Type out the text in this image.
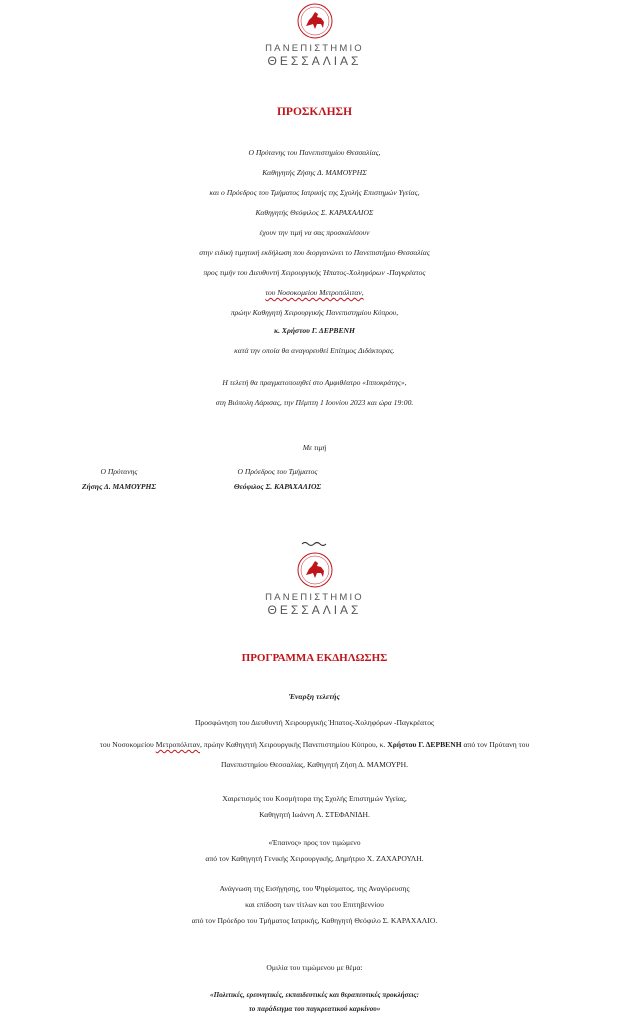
ΠΑΝΕΠΙΣΤΗΜΙΟ
ΘΕΣΣΑΛΙΑΣ
ΠΡΟΣΚΛΗΣΗ
Ο Πρύτανης του Πανεπιστημίου Θεσσαλίας,
Καθηγητής Ζήσης Δ. ΜΑΜΟΥΡΗΣ
και ο Πρόεδρος του Τμήματος Ιατρικής της Σχολής Επιστημών Υγείας,
Καθηγητής Θεόφιλος Σ. ΚΑΡΑΧΑΛΙΟΣ
έχουν την τιμή να σας προσκαλέσουν
στην ειδική τιμητική εκδήλωση που διοργανώνει το Πανεπιστήμιο Θεσσαλίας
προς τιμήν του Διευθυντή Χειρουργικής Ήπατος-Χοληφόρων -Παγκρέατος
του Νοσοκομείου Μετροπόλιταν,
πρώην Καθηγητή Χειρουργικής Πανεπιστημίου Κύπρου,
κ. Χρήστου Γ. ΔΕΡΒΕΝΗ
κατά την οποία θα αναγορευθεί Επίτιμος Διδάκτορας.
Η τελετή θα πραγματοποιηθεί στο Αμφιθέατρο «Ιπποκράτης»,
στη Βιόπολη Λάρισας, την Πέμπτη 1 Ιουνίου 2023 και ώρα 19:00.
Με τιμή
Ο Πρύτανης
Ζήσης Δ. ΜΑΜΟΥΡΗΣ
Ο Πρόεδρος του Τμήματος
Θεόφιλος Σ. ΚΑΡΑΧΑΛΙΟΣ
ΠΑΝΕΠΙΣΤΗΜΙΟ
ΘΕΣΣΑΛΙΑΣ
ΠΡΟΓΡΑΜΜΑ ΕΚΔΗΛΩΣΗΣ
Έναρξη τελετής
Προσφώνηση του Διευθυντή Χειρουργικής Ήπατος-Χοληφόρων -Παγκρέατος
του Νοσοκομείου Μετροπόλιταν, πρώην Καθηγητή Χειρουργικής Πανεπιστημίου Κύπρου, κ. Χρήστου Γ. ΔΕΡΒΕΝΗ από τον Πρύτανη του
Πανεπιστημίου Θεσσαλίας, Καθηγητή Ζήση Δ. ΜΑΜΟΥΡΗ.
Χαιρετισμός του Κοσμήτορα της Σχολής Επιστημών Υγείας,
Καθηγητή Ιωάννη Λ. ΣΤΕΦΑΝΙΔΗ.
«Έπαινος» προς τον τιμώμενο
από τον Καθηγητή Γενικής Χειρουργικής, Δημήτριο Χ. ΖΑΧΑΡΟΥΛΗ.
Ανάγνωση της Εισήγησης, του Ψηφίσματος, της Αναγόρευσης
και επίδοση των τίτλων και του Επιτηβεννίου
από τον Πρόεδρο του Τμήματος Ιατρικής, Καθηγητή Θεόφιλο Σ. ΚΑΡΑΧΑΛΙΟ.
Ομιλία του τιμώμενου με θέμα:
«Πολιτικές, ερευνητικές, εκπαιδευτικές και θεραπευτικές προκλήσεις:
το παράδειγμα του παγκρεατικού καρκίνου»
